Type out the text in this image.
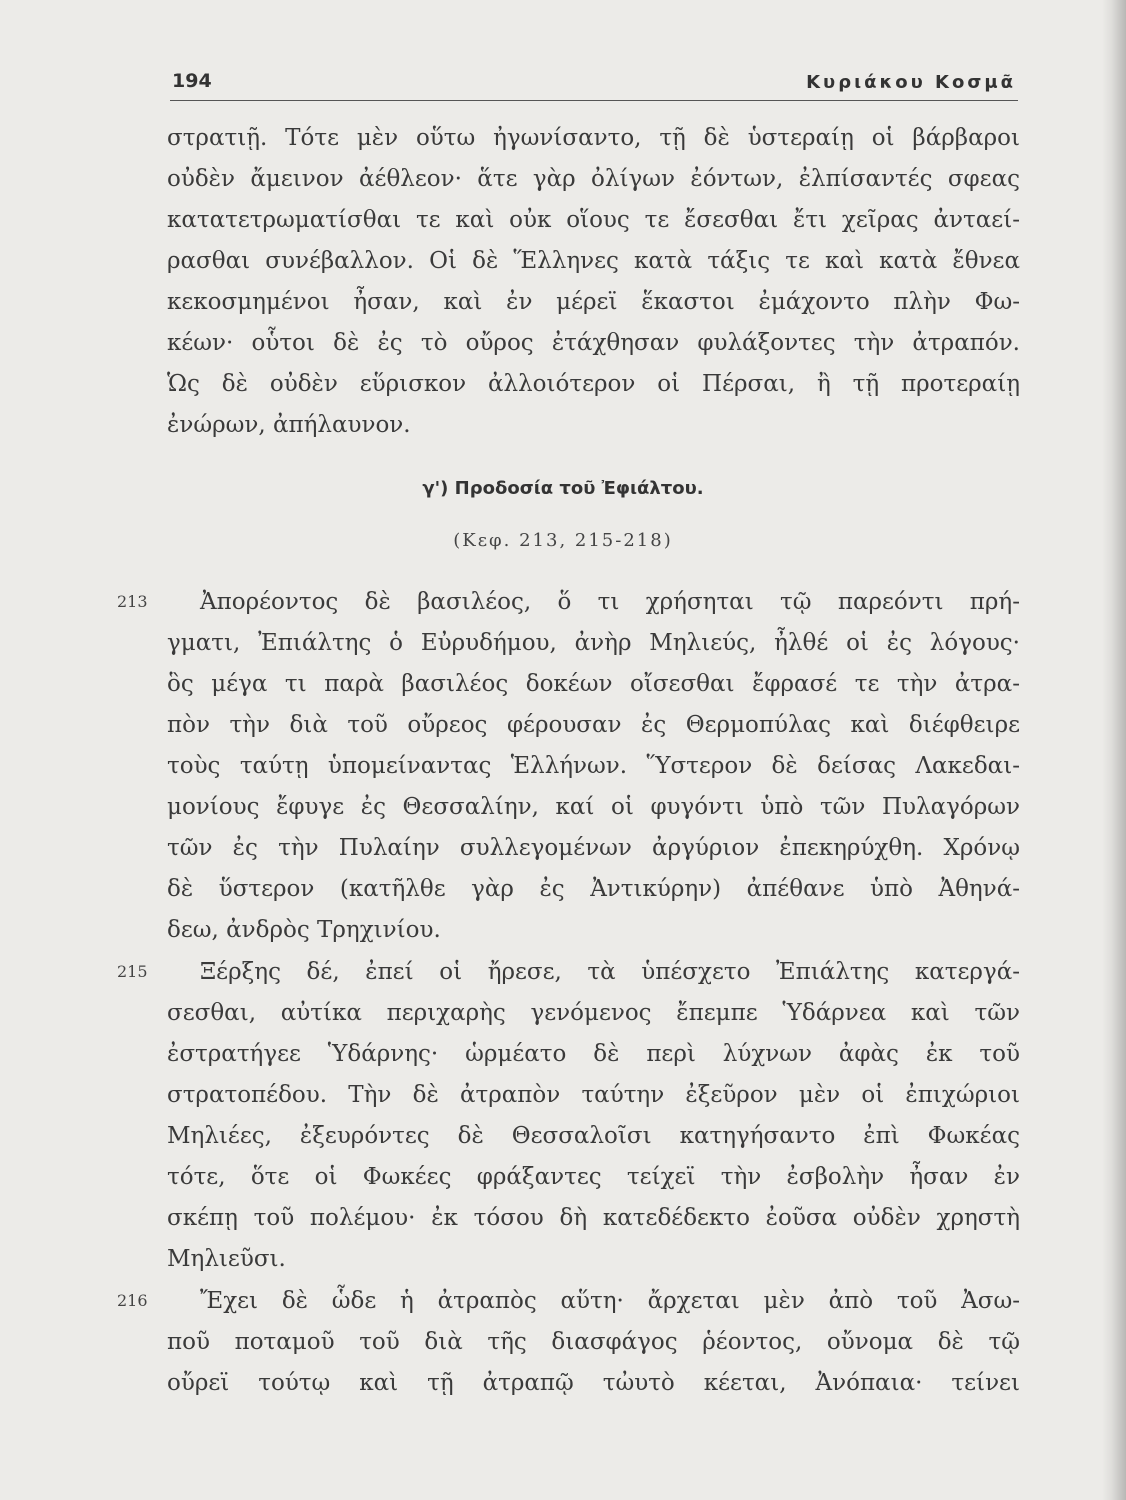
194	Κυριάκου Κοσμᾶ
στρατιῇ. Τότε μὲν οὕτω ἠγωνίσαντο, τῇ δὲ ὑστεραίῃ οἱ βάρβαροι
οὐδὲν ἄμεινον ἀέθλεον· ἅτε γὰρ ὀλίγων ἐόντων, ἐλπίσαντές σφεας
κατατετρωματίσθαι τε καὶ οὐκ οἵους τε ἔσεσθαι ἔτι χεῖρας ἀνταεί-
ρασθαι συνέβαλλον. Οἱ δὲ Ἕλληνες κατὰ τάξις τε καὶ κατὰ ἔθνεα
κεκοσμημένοι ἦσαν, καὶ ἐν μέρεϊ ἕκαστοι ἐμάχοντο πλὴν Φω-
κέων· οὗτοι δὲ ἐς τὸ οὔρος ἐτάχθησαν φυλάξοντες τὴν ἀτραπόν.
Ὡς δὲ οὐδὲν εὕρισκον ἀλλοιότερον οἱ Πέρσαι, ἢ τῇ προτεραίῃ
ἐνώρων, ἀπήλαυνον.
γ') Προδοσία τοῦ Ἐφιάλτου.
(Κεφ. 213, 215-218)
213 Ἀπορέοντος δὲ βασιλέος, ὅ τι χρήσηται τῷ παρεόντι πρή-
γματι, Ἐπιάλτης ὁ Εὐρυδήμου, ἀνὴρ Μηλιεύς, ἦλθέ οἱ ἐς λόγους·
ὃς μέγα τι παρὰ βασιλέος δοκέων οἴσεσθαι ἔφρασέ τε τὴν ἀτρα-
πὸν τὴν διὰ τοῦ οὔρεος φέρουσαν ἐς Θερμοπύλας καὶ διέφθειρε
τοὺς ταύτῃ ὑπομείναντας Ἑλλήνων. Ὕστερον δὲ δείσας Λακεδαι-
μονίους ἔφυγε ἐς Θεσσαλίην, καί οἱ φυγόντι ὑπὸ τῶν Πυλαγόρων
τῶν ἐς τὴν Πυλαίην συλλεγομένων ἀργύριον ἐπεκηρύχθη. Χρόνῳ
δὲ ὕστερον (κατῆλθε γὰρ ἐς Ἀντικύρην) ἀπέθανε ὑπὸ Ἀθηνά-
δεω, ἀνδρὸς Τρηχινίου.
215 Ξέρξης δέ, ἐπεί οἱ ἤρεσε, τὰ ὑπέσχετο Ἐπιάλτης κατεργά-
σεσθαι, αὐτίκα περιχαρὴς γενόμενος ἔπεμπε Ὑδάρνεα καὶ τῶν
ἐστρατήγεε Ὑδάρνης· ὡρμέατο δὲ περὶ λύχνων ἀφὰς ἐκ τοῦ
στρατοπέδου. Τὴν δὲ ἀτραπὸν ταύτην ἐξεῦρον μὲν οἱ ἐπιχώριοι
Μηλιέες, ἐξευρόντες δὲ Θεσσαλοῖσι κατηγήσαντο ἐπὶ Φωκέας
τότε, ὅτε οἱ Φωκέες φράξαντες τείχεϊ τὴν ἐσβολὴν ἦσαν ἐν
σκέπῃ τοῦ πολέμου· ἐκ τόσου δὴ κατεδέδεκτο ἐοῦσα οὐδὲν χρηστὴ
Μηλιεῦσι.
216 Ἔχει δὲ ὧδε ἡ ἀτραπὸς αὕτη· ἄρχεται μὲν ἀπὸ τοῦ Ἀσω-
ποῦ ποταμοῦ τοῦ διὰ τῆς διασφάγος ῥέοντος, οὔνομα δὲ τῷ
οὔρεϊ τούτῳ καὶ τῇ ἀτραπῷ τὠυτὸ κέεται, Ἀνόπαια· τείνει
